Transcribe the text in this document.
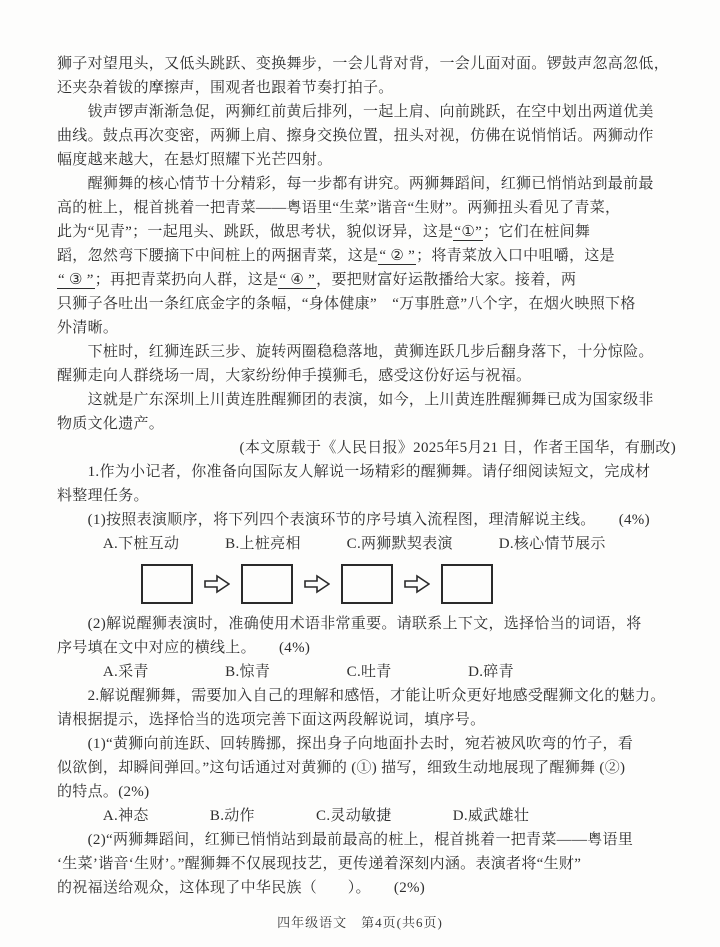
狮子对望甩头，又低头跳跃、变换舞步，一会儿背对背，一会儿面对面。锣鼓声忽高忽低，
还夹杂着钹的摩擦声，围观者也跟着节奏打拍子。
　　钹声锣声渐渐急促，两狮红前黄后排列，一起上肩、向前跳跃，在空中划出两道优美
曲线。鼓点再次变密，两狮上肩、擦身交换位置，扭头对视，仿佛在说悄悄话。两狮动作
幅度越来越大，在悬灯照耀下光芒四射。
　　醒狮舞的核心情节十分精彩，每一步都有讲究。两狮舞蹈间，红狮已悄悄站到最前最
高的桩上，棍首挑着一把青菜——粤语里“生菜”谐音“生财”。两狮扭头看见了青菜，
此为“见青”；一起甩头、跳跃，做思考状，貌似讶异，这是“①”；它们在桩间舞
蹈，忽然弯下腰摘下中间桩上的两捆青菜，这是“ ② ”；将青菜放入口中咀嚼，这是
“ ③ ”；再把青菜扔向人群，这是“ ④ ”，要把财富好运散播给大家。接着，两
只狮子各吐出一条红底金字的条幅，“身体健康”　“万事胜意”八个字，在烟火映照下格
外清晰。
　　下桩时，红狮连跃三步、旋转两圈稳稳落地，黄狮连跃几步后翻身落下，十分惊险。
醒狮走向人群绕场一周，大家纷纷伸手摸狮毛，感受这份好运与祝福。
　　这就是广东深圳上川黄连胜醒狮团的表演，如今，上川黄连胜醒狮舞已成为国家级非
物质文化遗产。
(本文原载于《人民日报》2025年5月21 日，作者王国华，有删改)
　　1.作为小记者，你准备向国际友人解说一场精彩的醒狮舞。请仔细阅读短文，完成材
料整理任务。
　　(1)按照表演顺序，将下列四个表演环节的序号填入流程图，理清解说主线。　　(4%)
　　　A.下桩互动　　　B.上桩亮相　　　C.两狮默契表演　　　D.核心情节展示
　　(2)解说醒狮表演时，准确使用术语非常重要。请联系上下文，选择恰当的词语，将
序号填在文中对应的横线上。　　(4%)
　　　A.采青　　　　　B.惊青　　　　　C.吐青　　　　　D.碎青
　　2.解说醒狮舞，需要加入自己的理解和感悟，才能让听众更好地感受醒狮文化的魅力。
请根据提示，选择恰当的选项完善下面这两段解说词，填序号。
　　(1)“黄狮向前连跃、回转腾挪，探出身子向地面扑去时，宛若被风吹弯的竹子，看
似欲倒，却瞬间弹回。”这句话通过对黄狮的 (①) 描写，细致生动地展现了醒狮舞 (②)
的特点。(2%)
　　　A.神态　　　　B.动作　　　　C.灵动敏捷　　　　D.威武雄壮
　　(2)“两狮舞蹈间，红狮已悄悄站到最前最高的桩上，棍首挑着一把青菜——粤语里
‘生菜’谐音‘生财’。”醒狮舞不仅展现技艺，更传递着深刻内涵。表演者将“生财”
的祝福送给观众，这体现了中华民族（　　）。　　(2%)
四年级语文　第4页(共6页)
